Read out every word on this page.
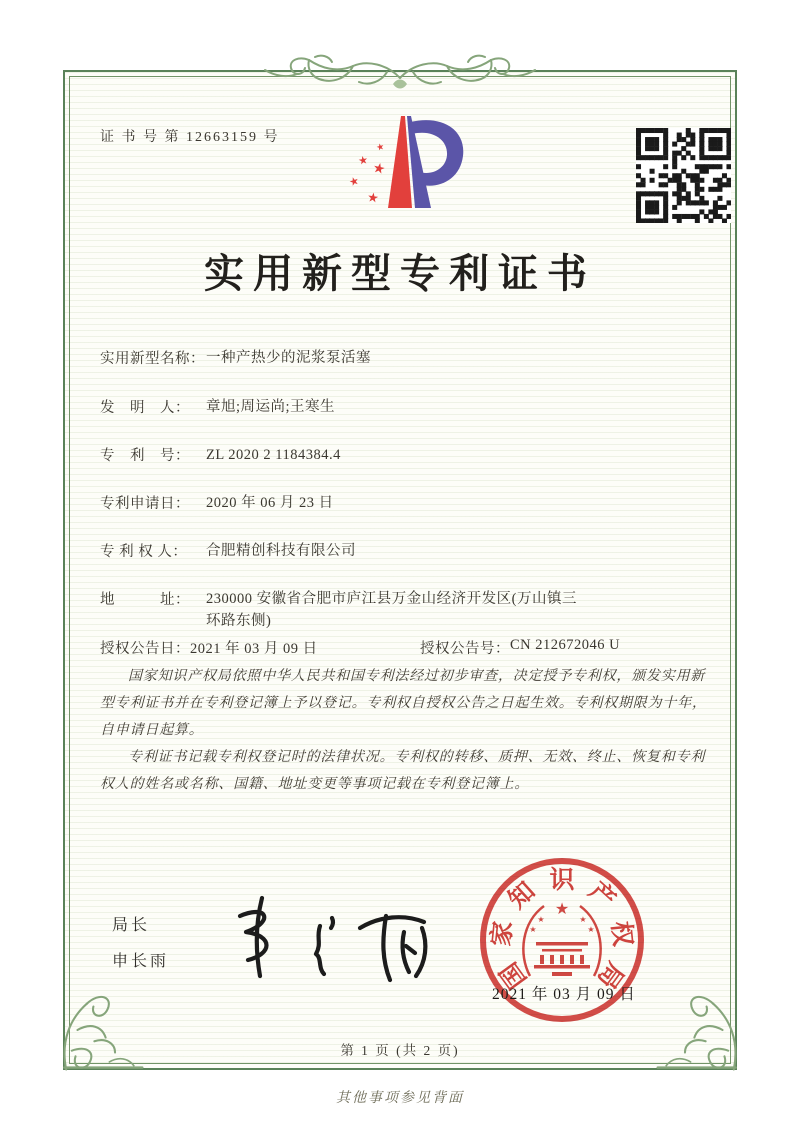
证 书 号 第 12663159 号
★
★ ★
★
★
实用新型专利证书
实用新型名称： 一种产热少的泥浆泵活塞
发　明　人：	章旭;周运尚;王寒生
专　利　号：	ZL 2020 2 1184384.4
专利申请日：	2020 年 06 月 23 日
专 利 权 人：	合肥精创科技有限公司
地　　　址：	230000 安徽省合肥市庐江县万金山经济开发区(万山镇三环路东侧)
授权公告日： 2021 年 03 月 09 日	授权公告号： CN 212672046 U

国家知识产权局依照中华人民共和国专利法经过初步审查，决定授予专利权，颁发实用新型专利证书并在专利登记簿上予以登记。专利权自授权公告之日起生效。专利权期限为十年，自申请日起算。

专利证书记载专利权登记时的法律状况。专利权的转移、质押、无效、终止、恢复和专利权人的姓名或名称、国籍、地址变更等事项记载在专利登记簿上。

局长
申长雨
★
★
★
★
★
国
家
知 识 产
权
局
2021 年 03 月 09 日
第 1 页 (共 2 页)
其他事项参见背面
